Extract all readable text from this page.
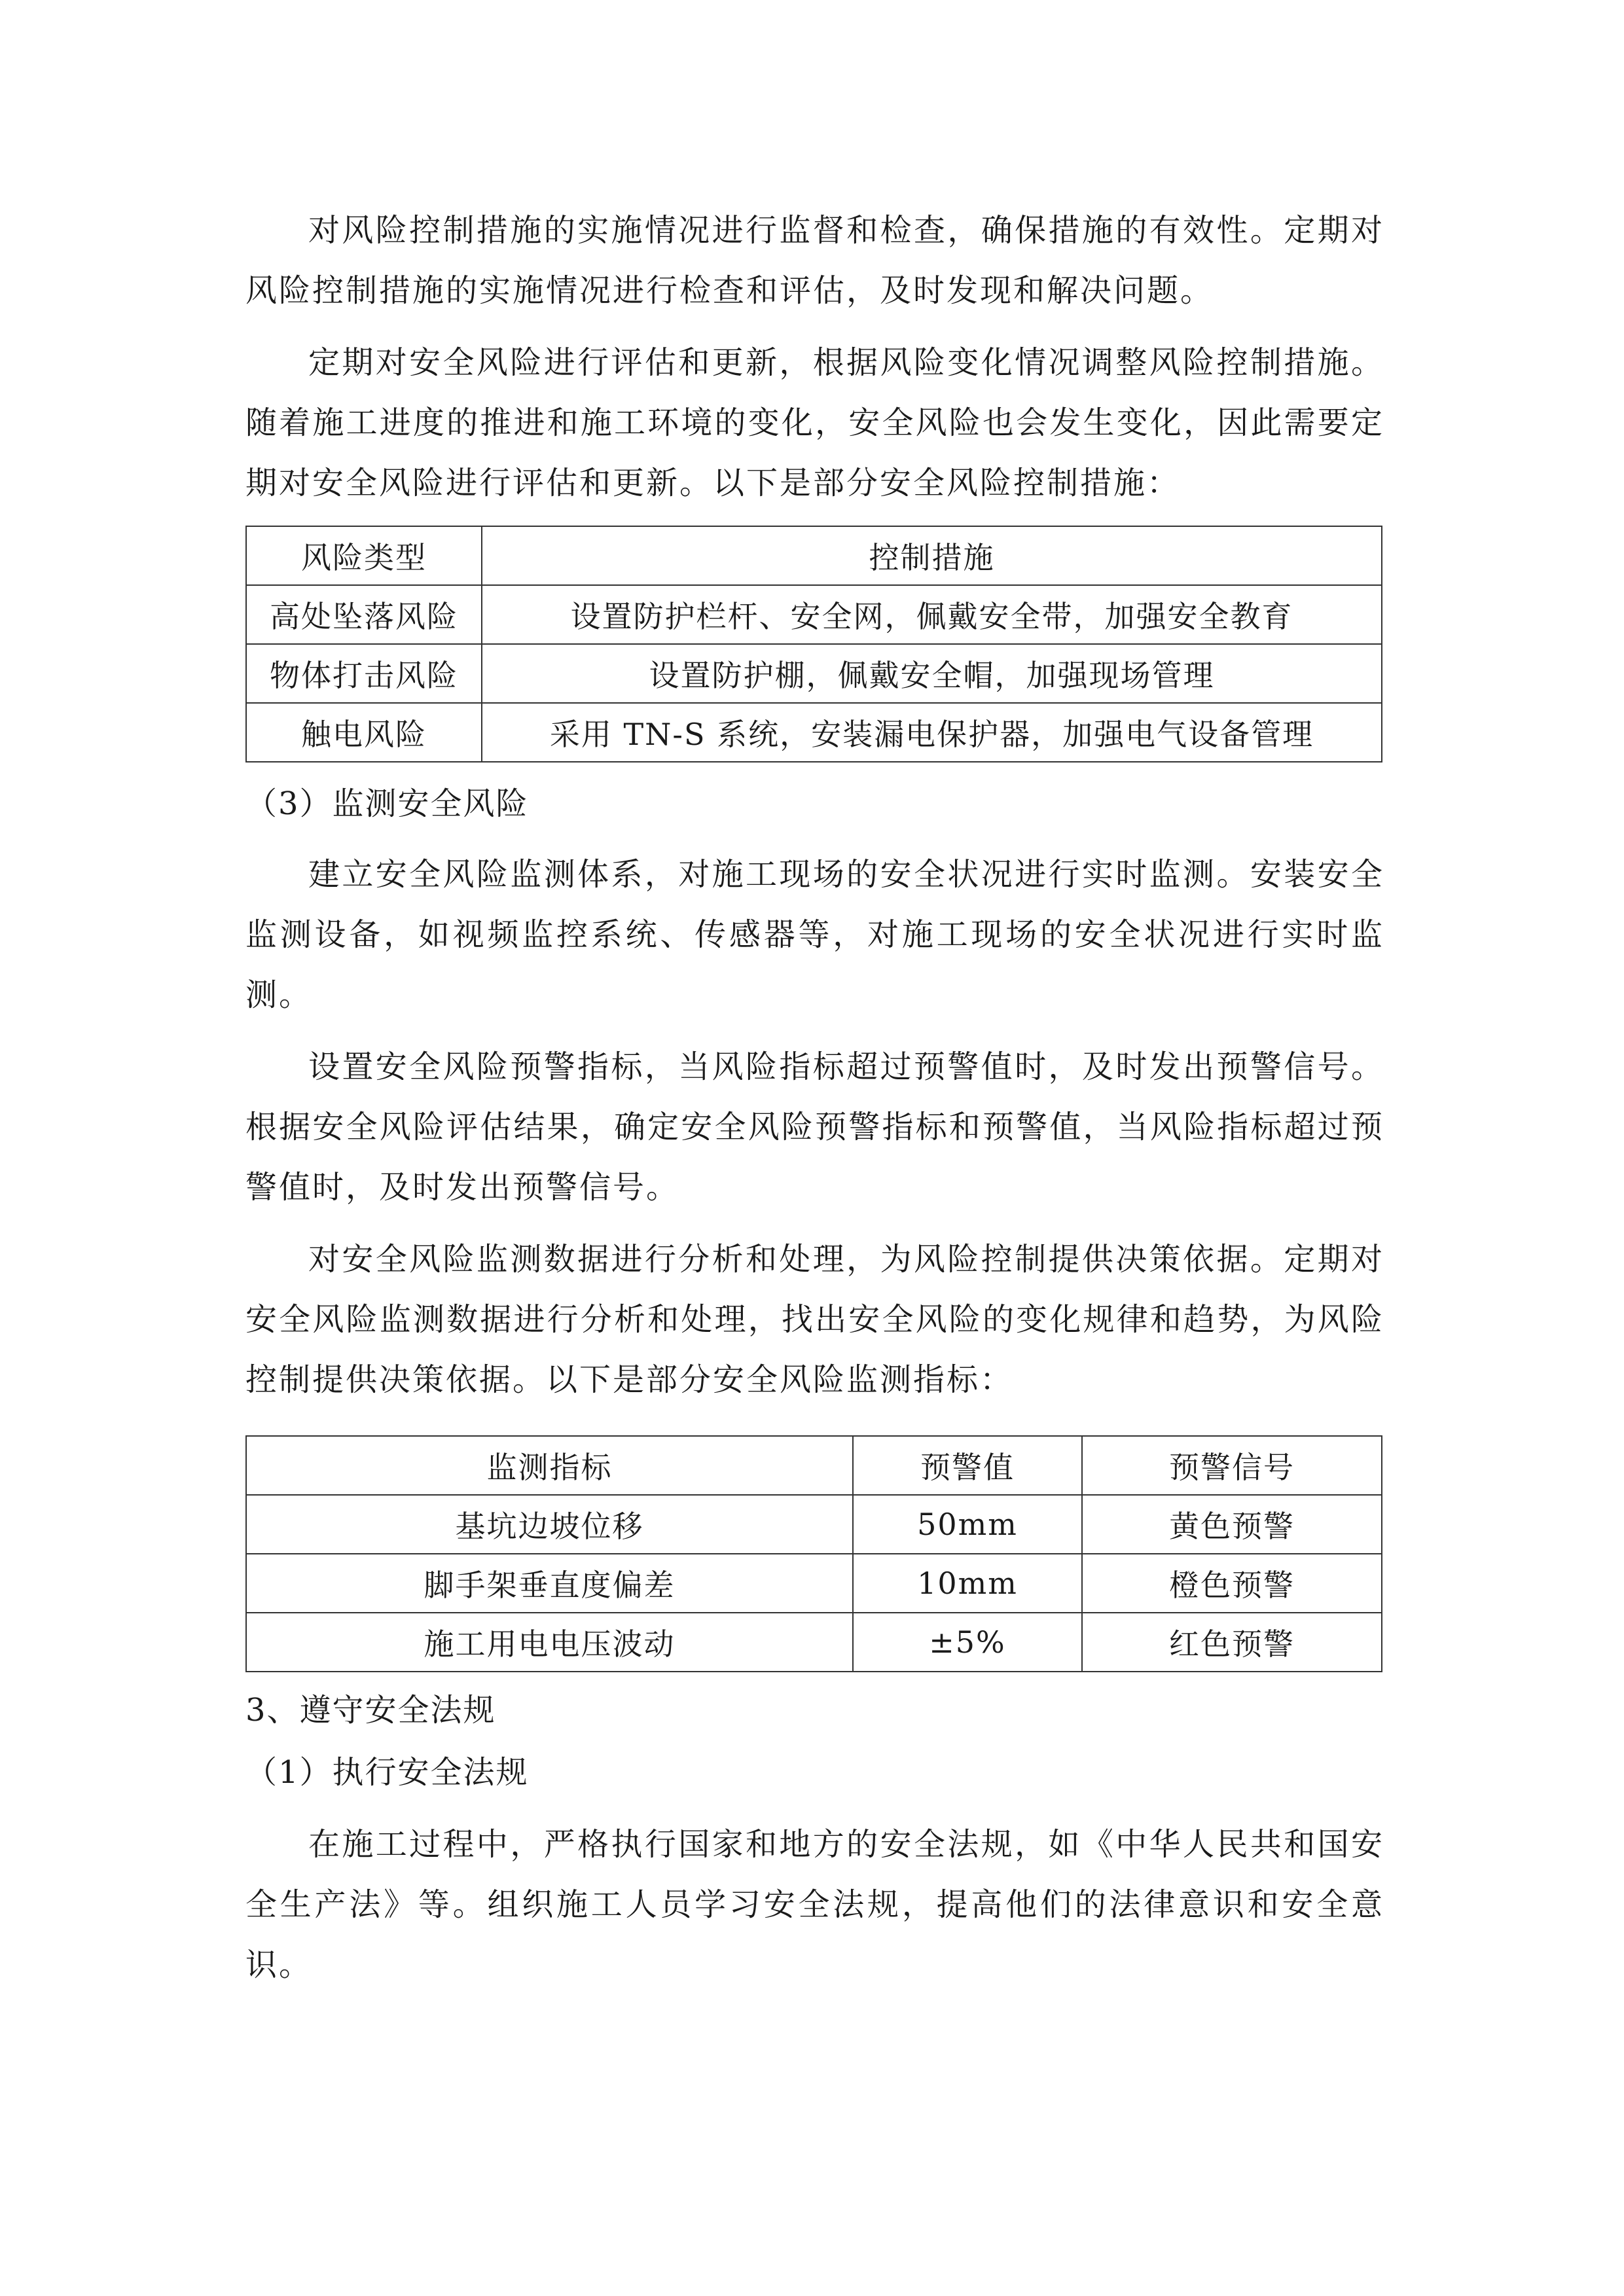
对风险控制措施的实施情况进行监督和检查，确保措施的有效性。定期对风险控制措施的实施情况进行检查和评估，及时发现和解决问题。

定期对安全风险进行评估和更新，根据风险变化情况调整风险控制措施。随着施工进度的推进和施工环境的变化，安全风险也会发生变化，因此需要定期对安全风险进行评估和更新。以下是部分安全风险控制措施：

风险类型	控制措施
高处坠落风险	设置防护栏杆、安全网，佩戴安全带，加强安全教育
物体打击风险	设置防护棚，佩戴安全帽，加强现场管理
触电风险	采用 TN-S 系统，安装漏电保护器，加强电气设备管理
（3）监测安全风险

建立安全风险监测体系，对施工现场的安全状况进行实时监测。安装安全监测设备，如视频监控系统、传感器等，对施工现场的安全状况进行实时监测。

设置安全风险预警指标，当风险指标超过预警值时，及时发出预警信号。根据安全风险评估结果，确定安全风险预警指标和预警值，当风险指标超过预警值时，及时发出预警信号。

对安全风险监测数据进行分析和处理，为风险控制提供决策依据。定期对安全风险监测数据进行分析和处理，找出安全风险的变化规律和趋势，为风险控制提供决策依据。以下是部分安全风险监测指标：

监测指标	预警值	预警信号
基坑边坡位移	50mm	黄色预警
脚手架垂直度偏差	10mm	橙色预警
施工用电电压波动	±5%	红色预警
3、遵守安全法规
（1）执行安全法规

在施工过程中，严格执行国家和地方的安全法规，如《中华人民共和国安全生产法》等。组织施工人员学习安全法规，提高他们的法律意识和安全意识。
